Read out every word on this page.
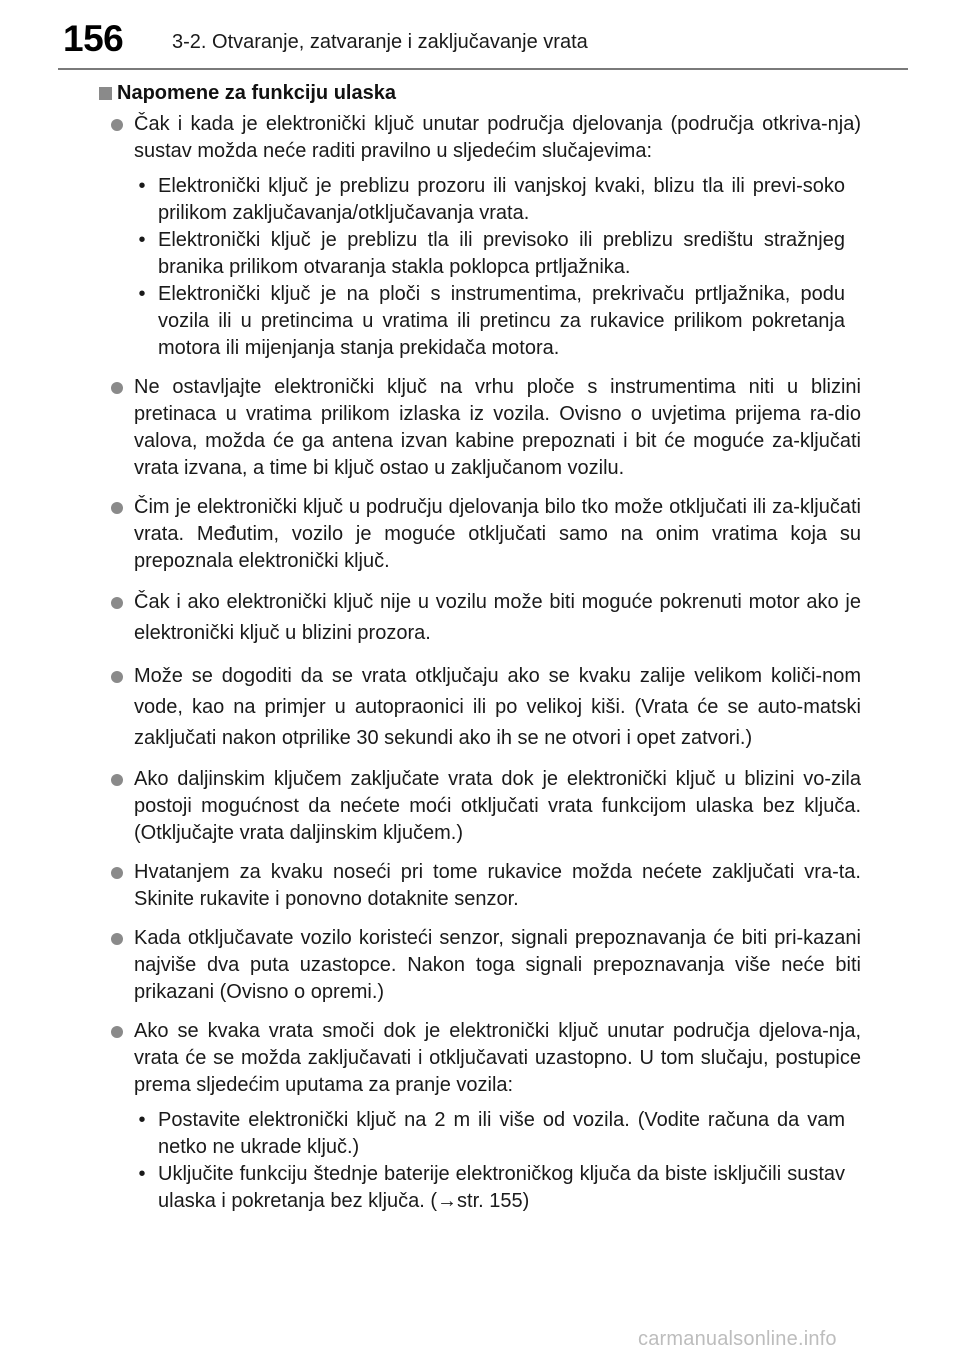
156 3-2. Otvaranje, zatvaranje i zaključavanje vrata
Napomene za funkciju ulaska
Čak i kada je elektronički ključ unutar područja djelovanja (područja otkriva-nja) sustav možda neće raditi pravilno u sljedećim slučajevima:
• Elektronički ključ je preblizu prozoru ili vanjskoj kvaki, blizu tla ili previ-soko prilikom zaključavanja/otključavanja vrata.
• Elektronički ključ je preblizu tla ili previsoko ili preblizu središtu stražnjeg branika prilikom otvaranja stakla poklopca prtljažnika.
• Elektronički ključ je na ploči s instrumentima, prekrivaču prtljažnika, podu vozila ili u pretincima u vratima ili pretincu za rukavice prilikom pokretanja motora ili mijenjanja stanja prekidača motora.
Ne ostavljajte elektronički ključ na vrhu ploče s instrumentima niti u blizini pretinaca u vratima prilikom izlaska iz vozila. Ovisno o uvjetima prijema ra-dio valova, možda će ga antena izvan kabine prepoznati i bit će moguće za-ključati vrata izvana, a time bi ključ ostao u zaključanom vozilu.
Čim je elektronički ključ u području djelovanja bilo tko može otključati ili za-ključati vrata. Međutim, vozilo je moguće otključati samo na onim vratima koja su prepoznala elektronički ključ.
Čak i ako elektronički ključ nije u vozilu može biti moguće pokrenuti motor ako je elektronički ključ u blizini prozora.
Može se dogoditi da se vrata otključaju ako se kvaku zalije velikom količi-nom vode, kao na primjer u autopraonici ili po velikoj kiši. (Vrata će se auto-matski zaključati nakon otprilike 30 sekundi ako ih se ne otvori i opet zatvori.)
Ako daljinskim ključem zaključate vrata dok je elektronički ključ u blizini vo-zila postoji mogućnost da nećete moći otključati vrata funkcijom ulaska bez ključa. (Otključajte vrata daljinskim ključem.)
Hvatanjem za kvaku noseći pri tome rukavice možda nećete zaključati vra-ta. Skinite rukavite i ponovno dotaknite senzor.
Kada otključavate vozilo koristeći senzor, signali prepoznavanja će biti pri-kazani najviše dva puta uzastopce. Nakon toga signali prepoznavanja više neće biti prikazani (Ovisno o opremi.)
Ako se kvaka vrata smoči dok je elektronički ključ unutar područja djelova-nja, vrata će se možda zaključavati i otključavati uzastopno. U tom slučaju, postupice prema sljedećim uputama za pranje vozila:
• Postavite elektronički ključ na 2 m ili više od vozila. (Vodite računa da vam netko ne ukrade ključ.)
• Uključite funkciju štednje baterije elektroničkog ključa da biste isključili sustav ulaska i pokretanja bez ključa. (→str. 155)
carmanualsonline.info
